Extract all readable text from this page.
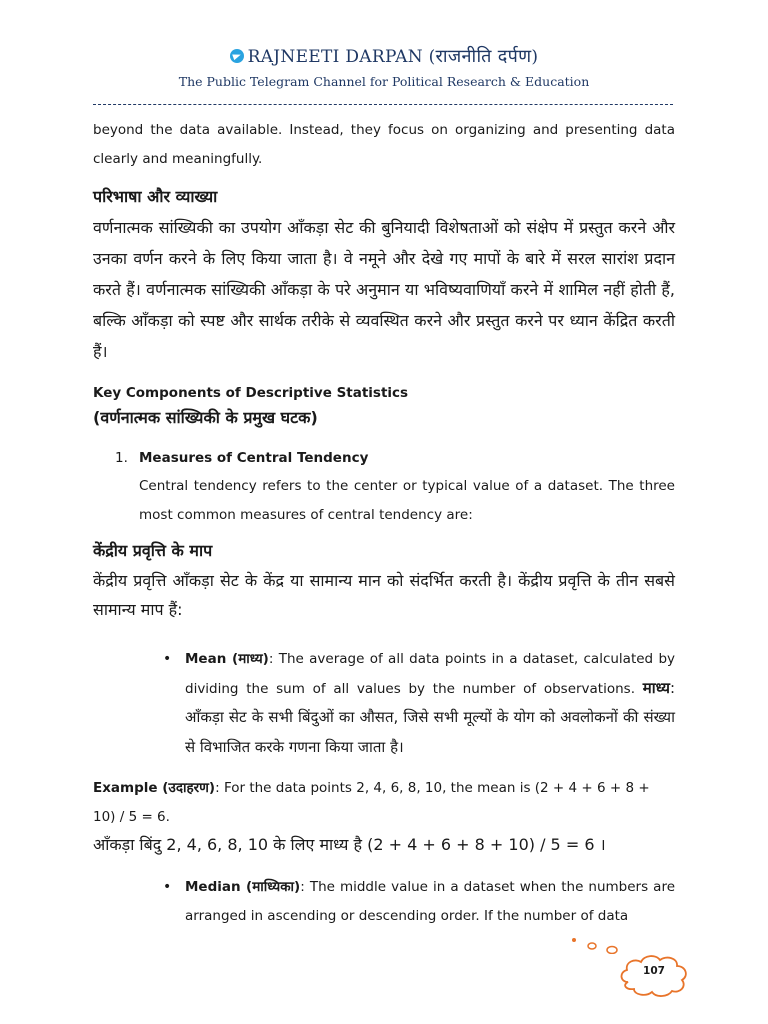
RAJNEETI DARPAN (राजनीति दर्पण)
The Public Telegram Channel for Political Research & Education

beyond the data available. Instead, they focus on organizing and presenting data clearly and meaningfully.

परिभाषा और व्याख्या

वर्णनात्मक सांख्यिकी का उपयोग आँकड़ा सेट की बुनियादी विशेषताओं को संक्षेप में प्रस्तुत करने और उनका वर्णन करने के लिए किया जाता है। वे नमूने और देखे गए मापों के बारे में सरल सारांश प्रदान करते हैं। वर्णनात्मक सांख्यिकी आँकड़ा के परे अनुमान या भविष्यवाणियाँ करने में शामिल नहीं होती हैं, बल्कि आँकड़ा को स्पष्ट और सार्थक तरीके से व्यवस्थित करने और प्रस्तुत करने पर ध्यान केंद्रित करती हैं।

Key Components of Descriptive Statistics

(वर्णनात्मक सांख्यिकी के प्रमुख घटक)

1. Measures of Central Tendency

Central tendency refers to the center or typical value of a dataset. The three most common measures of central tendency are:

केंद्रीय प्रवृत्ति के माप

केंद्रीय प्रवृत्ति आँकड़ा सेट के केंद्र या सामान्य मान को संदर्भित करती है। केंद्रीय प्रवृत्ति के तीन सबसे सामान्य माप हैं:

• Mean (माध्य): The average of all data points in a dataset, calculated by dividing the sum of all values by the number of observations. माध्य: आँकड़ा सेट के सभी बिंदुओं का औसत, जिसे सभी मूल्यों के योग को अवलोकनों की संख्या से विभाजित करके गणना किया जाता है।

Example (उदाहरण): For the data points 2, 4, 6, 8, 10, the mean is (2 + 4 + 6 + 8 + 10) / 5 = 6.

आँकड़ा बिंदु 2, 4, 6, 8, 10 के लिए माध्य है (2 + 4 + 6 + 8 + 10) / 5 = 6 ।

• Median (माध्यिका): The middle value in a dataset when the numbers are arranged in ascending or descending order. If the number of data
107
